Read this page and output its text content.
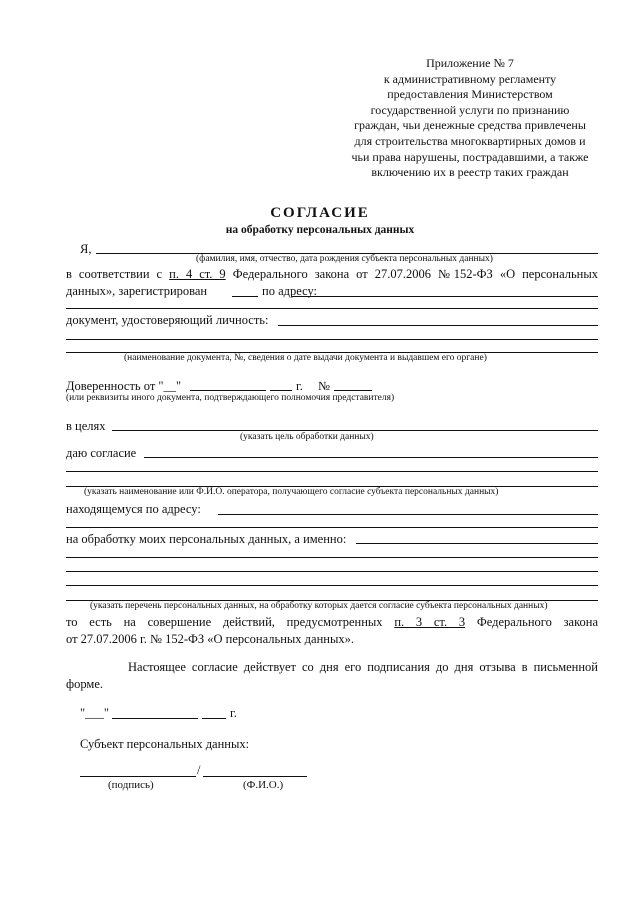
Приложение № 7
к административному регламенту
предоставления Министерством
государственной услуги по признанию
граждан, чьи денежные средства привлечены
для строительства многоквартирных домов и
чьи права нарушены, пострадавшими, а также
включению их в реестр таких граждан
СОГЛАСИЕ
на обработку персональных данных
Я,
(фамилия, имя, отчество, дата рождения субъекта персональных данных)
в соответствии с п. 4 ст. 9 Федерального закона от 27.07.2006 №152-ФЗ «О персональных
данных», зарегистрирован	по адресу:
документ, удостоверяющий личность:
(наименование документа, №, сведения о дате выдачи документа и выдавшем его органе)
Доверенность от "__"	г. №
(или реквизиты иного документа, подтверждающего полномочия представителя)
в целях
(указать цель обработки данных)
даю согласие
(указать наименование или Ф.И.О. оператора, получающего согласие субъекта персональных данных)
находящемуся по адресу:
на обработку моих персональных данных, а именно:
(указать перечень персональных данных, на обработку которых дается согласие субъекта персональных данных)
то есть на совершение действий, предусмотренных п. 3 ст. 3 Федерального закона
от 27.07.2006 г. № 152-ФЗ «О персональных данных».
Настоящее согласие действует со дня его подписания до дня отзыва в письменной
форме.
"___"	г.
Субъект персональных данных:
/
(подпись)	(Ф.И.О.)
